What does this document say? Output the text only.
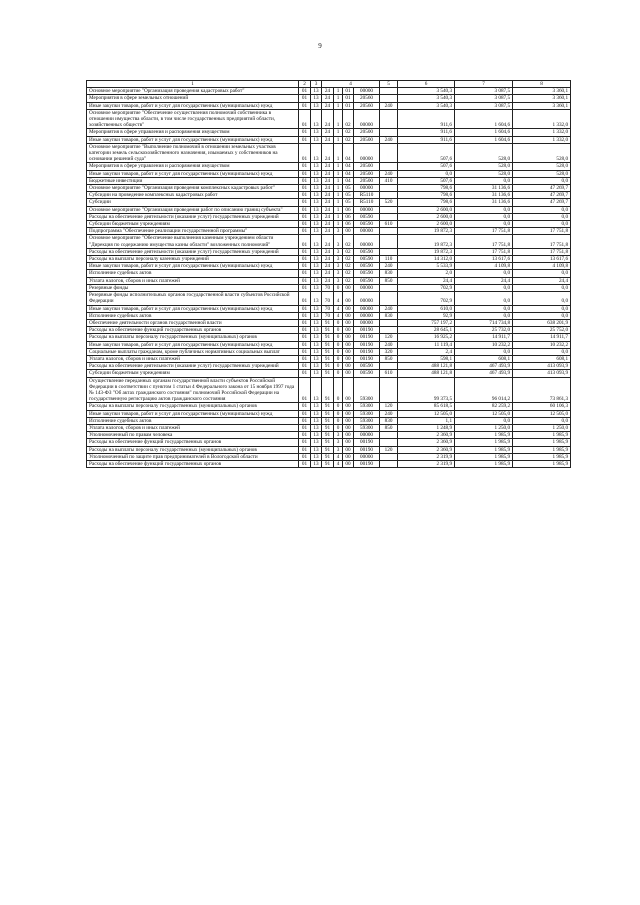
9
1	2	3	4				5	6	7	8
Основное мероприятие "Организация проведения кадастровых работ"	01	13	24	1	01	00000		3 540,3	3 087,5	3 360,1
Мероприятия в сфере земельных отношений	01	13	24	1	01	20560		3 540,3	3 087,5	3 360,1
Иные закупки товаров, работ и услуг для государственных (муниципальных) нужд	01	13	24	1	01	20560	240	3 540,3	3 087,5	3 360,1
Основное мероприятие "Обеспечение осуществления полномочий собственника в отношении имущества области, в том числе государственных предприятий области, хозяйственных обществ"	01	13	24	1	02	00000		911,6	1 604,6	1 332,0
Мероприятия в сфере управления и распоряжения имуществом	01	13	24	1	02	20500		911,6	1 604,6	1 332,0
Иные закупки товаров, работ и услуг для государственных (муниципальных) нужд	01	13	24	1	02	20500	240	911,6	1 604,6	1 332,0
Основное мероприятие "Выполнение полномочий в отношении земельных участков категории земель сельскохозяйственного назначения, изымаемых у собственников на основании решений суда"	01	13	24	1	04	00000		507,6	528,0	528,0
Мероприятия в сфере управления и распоряжения имуществом	01	13	24	1	04	20500		507,6	528,0	528,0
Иные закупки товаров, работ и услуг для государственных (муниципальных) нужд	01	13	24	1	04	20500	240	0,0	528,0	528,0
Бюджетные инвестиции	01	13	24	1	04	20500	410	507,6	0,0	0,0
Основное мероприятие "Организация проведения комплексных кадастровых работ"	01	13	24	1	05	00000		798,6	31 136,6	47 269,7
Субсидии на проведение комплексных кадастровых работ	01	13	24	1	05	R5110		798,6	31 136,6	47 269,7
Субсидии	01	13	24	1	05	R5110	520	798,6	31 136,6	47 269,7
Основное мероприятие "Организация проведения работ по описанию границ субъекта"	01	13	24	1	06	00000		2 600,0	0,0	0,0
Расходы на обеспечение деятельности (оказание услуг) государственных учреждений	01	13	24	1	06	00590		2 600,0	0,0	0,0
Субсидии бюджетным учреждениям	01	13	24	1	06	00590	610	2 600,0	0,0	0,0
Подпрограмма "Обеспечение реализации государственной программы"	01	13	24	3	00	00000		19 872,3	17 751,8	17 751,8
Основное мероприятие "Обеспечение выполнения казенным учреждением области "Дирекция по содержанию имущества казны области" возложенных полномочий"	01	13	24	3	02	00000		19 872,3	17 751,8	17 751,8
Расходы на обеспечение деятельности (оказание услуг) государственных учреждений	01	13	24	3	02	00590		19 872,3	17 751,8	17 751,8
Расходы на выплаты персоналу казенных учреждений	01	13	24	3	02	00590	110	14 312,0	13 617,6	13 617,6
Иные закупки товаров, работ и услуг для государственных (муниципальных) нужд	01	13	24	3	02	00590	240	5 533,9	4 109,8	4 109,8
Исполнение судебных актов	01	13	24	3	02	00590	830	2,0	0,0	0,0
Уплата налогов, сборов и иных платежей	01	13	24	3	02	00590	850	24,4	24,4	24,4
Резервные фонды	01	13	70	0	00	00000		702,9	0,0	0,0
Резервные фонды исполнительных органов государственной власти субъектов Российской Федерации	01	13	70	4	00	00000		702,9	0,0	0,0
Иные закупки товаров, работ и услуг для государственных (муниципальных) нужд	01	13	70	4	00	00000	240	610,0	0,0	0,0
Исполнение судебных актов	01	13	70	4	00	00000	830	92,9	0,0	0,0
Обеспечение деятельности органов государственной власти	01	13	91	0	00	00000		757 197,2	714 734,8	638 201,9
Расходы на обеспечение функций государственных органов	01	13	91	0	00	00190		28 645,1	25 732,0	25 752,0
Расходы на выплаты персоналу государственных (муниципальных) органов	01	13	91	0	00	00190	120	16 925,2	14 911,7	14 911,7
Иные закупки товаров, работ и услуг для государственных (муниципальных) нужд	01	13	91	0	00	00190	240	11 119,4	10 232,2	10 232,2
Социальные выплаты гражданам, кроме публичных нормативных социальных выплат	01	13	91	0	00	00190	320	2,4	0,0	0,0
Уплата налогов, сборов и иных платежей	01	13	91	0	00	00190	850	598,1	608,1	608,1
Расходы на обеспечение деятельности (оказание услуг) государственных учреждений	01	13	91	0	00	00590		488 121,8	467 493,9	413 093,9
Субсидии бюджетным учреждениям	01	13	91	0	00	00590	610	488 121,8	467 493,9	413 093,9
Осуществление переданных органам государственной власти субъектов Российской Федерации в соответствии с пунктом 1 статьи 4 Федерального закона от 15 ноября 1997 года № 143-ФЗ "Об актах гражданского состояния" полномочий Российской Федерации на государственную регистрацию актов гражданского состояния	01	13	91	0	00	59300		99 373,5	96 014,2	73 861,3
Расходы на выплаты персоналу государственных (муниципальных) органов	01	13	91	0	00	59300	120	85 618,5	82 259,2	60 106,3
Иные закупки товаров, работ и услуг для государственных (муниципальных) нужд	01	13	91	0	00	59300	240	12 505,0	12 505,0	12 505,0
Исполнение судебных актов	01	13	91	0	00	59300	830	1,1	0,0	0,0
Уплата налогов, сборов и иных платежей	01	13	91	0	00	59300	850	1 248,9	1 250,0	1 250,0
Уполномоченный по правам человека	01	13	91	3	00	00000		2 360,9	1 985,9	1 985,9
Расходы на обеспечение функций государственных органов	01	13	91	3	00	00190		2 360,9	1 985,9	1 985,9
Расходы на выплаты персоналу государственных (муниципальных) органов	01	13	91	3	00	00190	120	2 360,9	1 985,9	1 985,9
Уполномоченный по защите прав предпринимателей в Вологодской области	01	13	91	4	00	00000		2 319,9	1 985,9	1 985,9
Расходы на обеспечение функций государственных органов	01	13	91	4	00	00190		2 319,9	1 985,9	1 985,9
